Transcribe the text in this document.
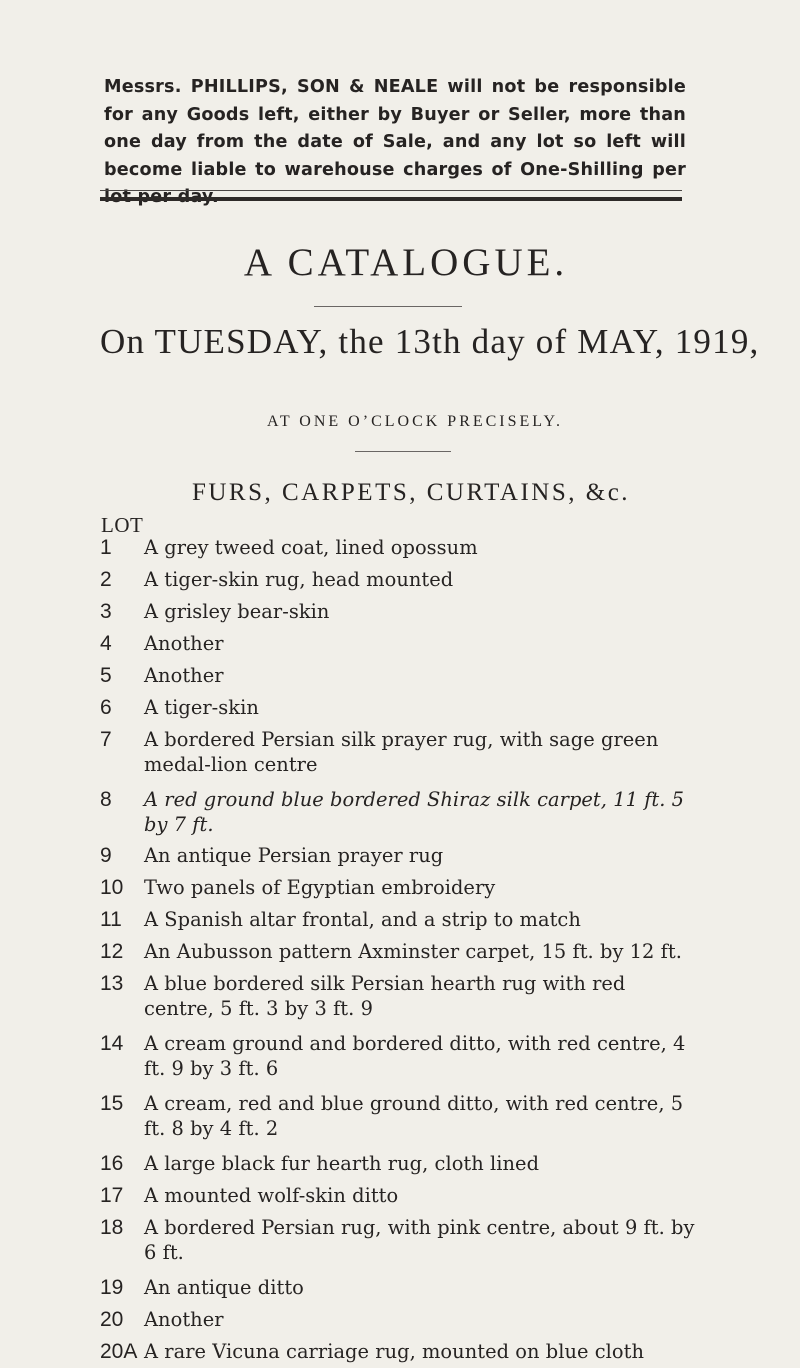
Messrs. PHILLIPS, SON & NEALE will not be responsible for any Goods left, either by Buyer or Seller, more than one day from the date of Sale, and any lot so left will become liable to warehouse charges of One-Shilling per
A CATALOGUE.
On TUESDAY, the 13th day of MAY, 1919,
AT ONE O’CLOCK PRECISELY.
FURS, CARPETS, CURTAINS, &c.
LOT
1	A grey tweed coat, lined opossum
2	A tiger-skin rug, head mounted
3	A grisley bear-skin
4	Another
5	Another
6	A tiger-skin
7	A bordered Persian silk prayer rug, with sage green medal-lion centre
8	A red ground blue bordered Shiraz silk carpet, 11 ft. 5 by 7 ft.
9	An antique Persian prayer rug
10	Two panels of Egyptian embroidery
11	A Spanish altar frontal, and a strip to match
12	An Aubusson pattern Axminster carpet, 15 ft. by 12 ft.
13	A blue bordered silk Persian hearth rug with red centre, 5 ft. 3 by 3 ft. 9
14	A cream ground and bordered ditto, with red centre, 4 ft. 9 by 3 ft. 6
15	A cream, red and blue ground ditto, with red centre, 5 ft. 8 by 4 ft. 2
16	A large black fur hearth rug, cloth lined
17	A mounted wolf-skin ditto
18	A bordered Persian rug, with pink centre, about 9 ft. by 6 ft.
19	An antique ditto
20	Another
20A A rare Vicuna carriage rug, mounted on blue cloth
